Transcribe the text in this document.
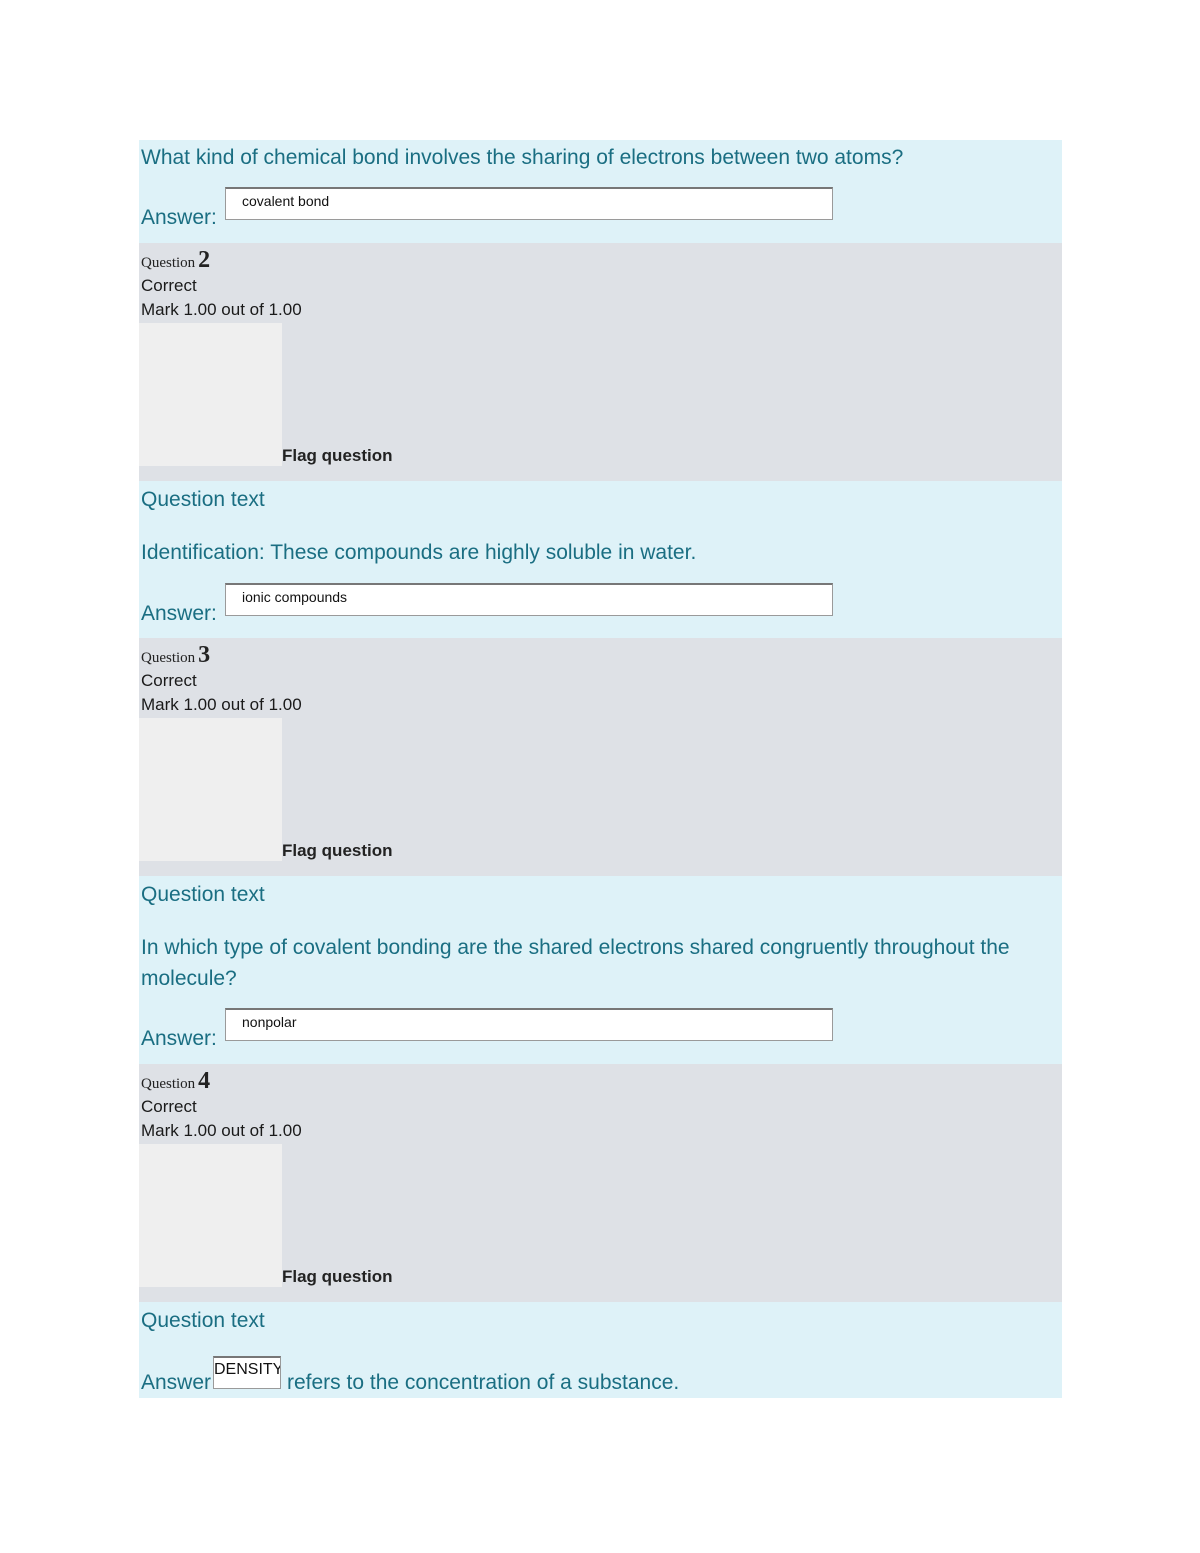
What kind of chemical bond involves the sharing of electrons between two atoms?
Answer:
covalent bond
Question 2
Correct
Mark 1.00 out of 1.00
Flag question
Question text
Identification: These compounds are highly soluble in water.
Answer:
ionic compounds
Question 3
Correct
Mark 1.00 out of 1.00
Flag question
Question text
In which type of covalent bonding are the shared electrons shared congruently throughout the molecule?
Answer:
nonpolar
Question 4
Correct
Mark 1.00 out of 1.00
Flag question
Question text
Answer
DENSITY	refers to the concentration of a substance.
